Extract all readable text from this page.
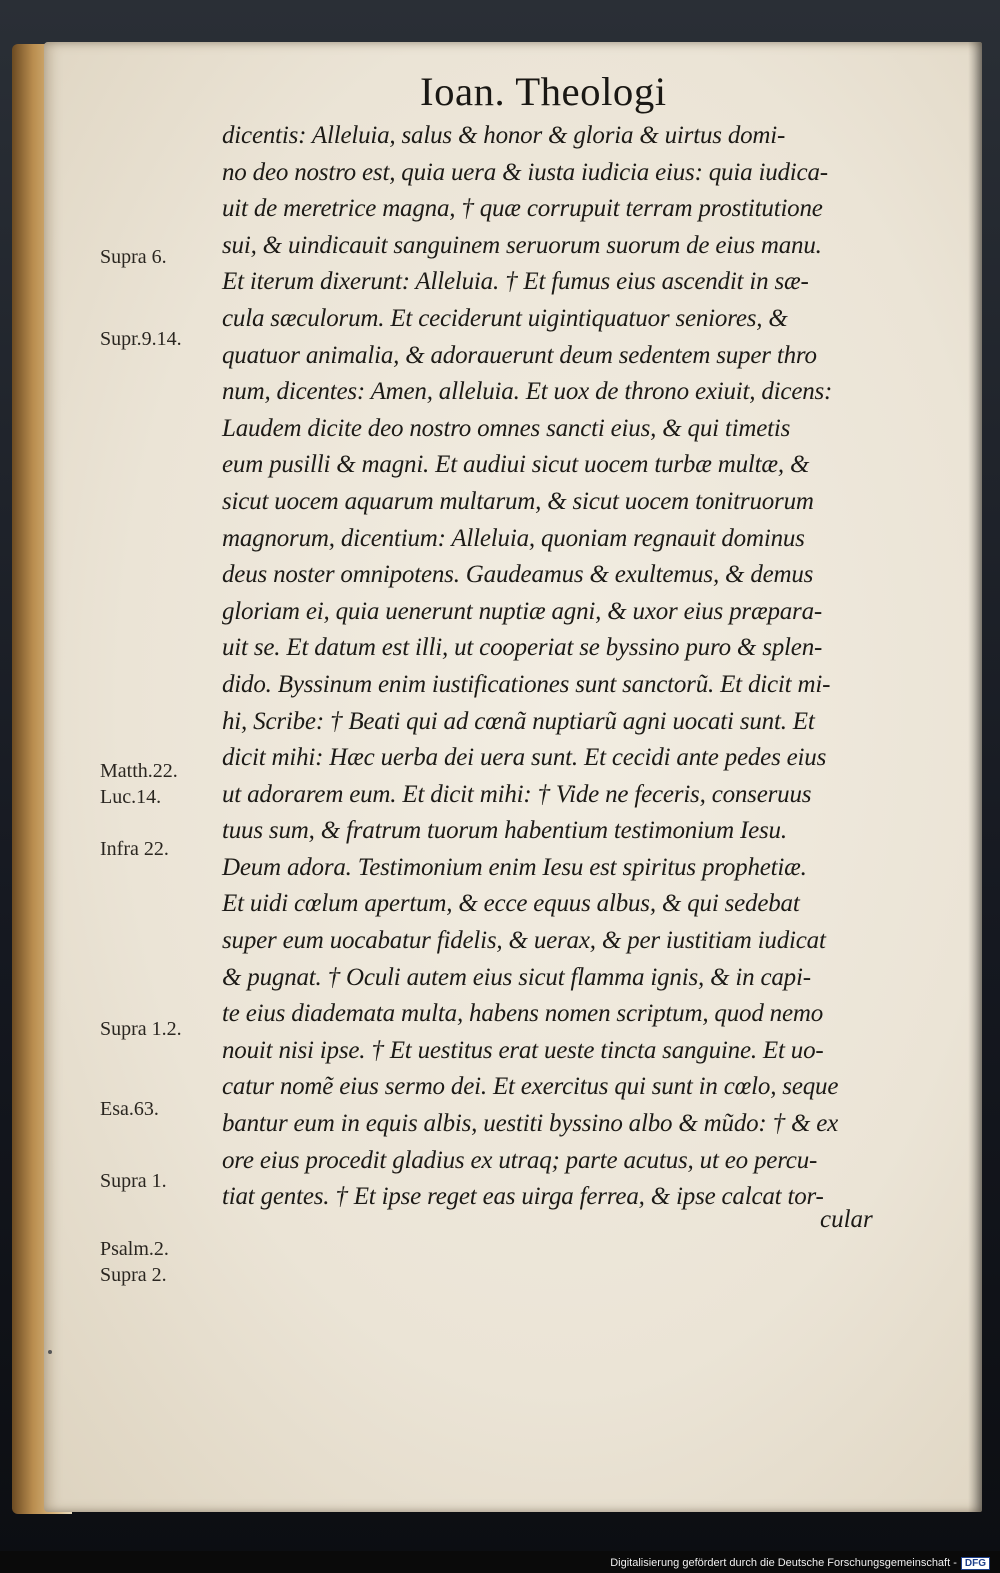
Ioan. Theologi
dicentis: Alleluia, salus & honor & gloria & uirtus domi-
no deo nostro est, quia uera & iusta iudicia eius: quia iudica-
uit de meretrice magna, † quæ corrupuit terram prostitutione
sui, & uindicauit sanguinem seruorum suorum de eius manu.
Et iterum dixerunt: Alleluia. † Et fumus eius ascendit in sæ-
cula sæculorum. Et ceciderunt uigintiquatuor seniores, &
quatuor animalia, & adorauerunt deum sedentem super thro
num, dicentes: Amen, alleluia. Et uox de throno exiuit, dicens:
Laudem dicite deo nostro omnes sancti eius, & qui timetis
eum pusilli & magni. Et audiui sicut uocem turbæ multæ, &
sicut uocem aquarum multarum, & sicut uocem tonitruorum
magnorum, dicentium: Alleluia, quoniam regnauit dominus
deus noster omnipotens. Gaudeamus & exultemus, & demus
gloriam ei, quia uenerunt nuptiæ agni, & uxor eius præpara-
uit se. Et datum est illi, ut cooperiat se byssino puro & splen-
dido. Byssinum enim iustificationes sunt sanctorũ. Et dicit mi-
hi, Scribe: † Beati qui ad cœnã nuptiarũ agni uocati sunt. Et
dicit mihi: Hæc uerba dei uera sunt. Et cecidi ante pedes eius
ut adorarem eum. Et dicit mihi: † Vide ne feceris, conseruus
tuus sum, & fratrum tuorum habentium testimonium Iesu.
Deum adora. Testimonium enim Iesu est spiritus prophetiæ.
Et uidi cœlum apertum, & ecce equus albus, & qui sedebat
super eum uocabatur fidelis, & uerax, & per iustitiam iudicat
& pugnat. † Oculi autem eius sicut flamma ignis, & in capi-
te eius diademata multa, habens nomen scriptum, quod nemo
nouit nisi ipse. † Et uestitus erat ueste tincta sanguine. Et uo-
catur nomẽ eius sermo dei. Et exercitus qui sunt in cœlo, seque
bantur eum in equis albis, uestiti byssino albo & mũdo: † & ex
ore eius procedit gladius ex utraq; parte acutus, ut eo percu-
tiat gentes. † Et ipse reget eas uirga ferrea, & ipse calcat tor-
cular
Supra 6.
Supr.9.14.
Matth.22.
Luc.14.
Infra 22.
Supra 1.2.
Esa.63.
Supra 1.
Psalm.2.
Supra 2.
Digitalisierung gefördert durch die Deutsche Forschungsgemeinschaft - DFG
